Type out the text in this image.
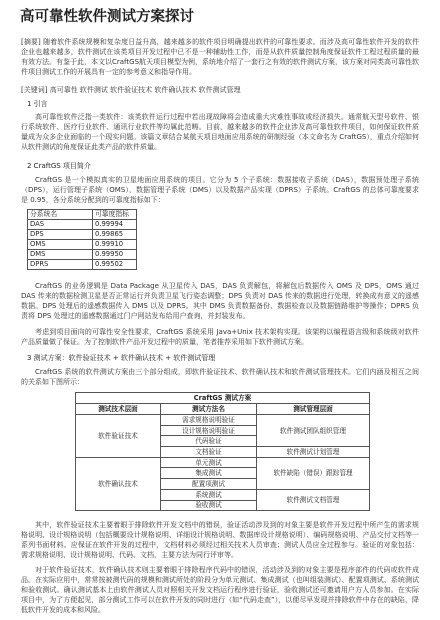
高可靠性软件测试方案探讨

[摘要] 随着软件系统规模和复杂度日益升高，越来越多的软件项目明确提出软件的可靠性要求。而涉及高可靠性软件开发的软件企业也越来越多，软件测试在该类项目开发过程中已不是一种辅助性工作，而是从软件质量控制角度保证软件工程过程质量的最有效方法。有鉴于此，本文以CraftGS航天项目模型为例，系统地介绍了一套行之有效的软件测试方案，该方案对同类高可靠性软件项目测试工作的开展具有一定的参考意义和指导作用。

[关键词] 高可靠性 软件测试 软件验证技术 软件确认技术 软件测试管理

1 引言

高可靠性软件泛指一类软件：该类软件运行过程中若出现故障将会造成重大灾难性事故或经济损失。通常航天型号软件、银行系统软件、医疗行业软件、通讯行业软件等均属此范畴。目前，越来越多的软件企业涉及高可靠性软件项目，如何保证软件质量成为众多企业面临的一个现实问题。该篇文章结合某航天项目地面应用系统的研制经验（本文命名为 CraftGS），重点介绍如何从软件测试的角度保证此类产品的软件质量。

2 CraftGS 项目简介

CraftGS 是一个模拟真实的卫星地面应用系统的项目。它分为 5 个子系统：数据接收子系统（DAS），数据预处理子系统（DPS），运行管理子系统（OMS），数据管理子系统（DMS）以及数据产品实现（DPRS）子系统。CraftGS 的总体可靠度要求是 0.95，各分系统分配到的可靠度指标如下：

分系统名	可靠度指标
DAS	0.99994
DPS	0.99865
OMS	0.99910
DMS	0.99950
DPRS	0.99502

CraftGS 的业务逻辑是 Data Package 从卫星传入 DAS，DAS 负责解包，将解包后数据传入 OMS 及 DPS，OMS 通过 DAS 传来的数据检测卫星是否正常运行并负责卫星飞行姿态调整；DPS 负责对 DAS 传来的数据进行处理，转换成有意义的遥感数据。DPS 处理后的遥感数据传入 DMS 以及 DPRS。其中 DMS 负责数据备份、数据检查以及数据链路维护等操作；DPRS 负责将 DPS 处理过的遥感数据通过门户网站发布给用户查询，并封装发布。

考虑到项目面向的可靠性安全性要求，CraftGS 系统采用 Java+Unix 技术架构实现。该架构以编程语言级和系统级对软件产品质量做了保证。为了控制软件产品开发过程中的质量，笔者推荐采用如下软件测试方案。

3 测试方案：软件验证技术 + 软件确认技术 + 软件测试管理

CraftGS 系统的软件测试方案由三个部分组成，即软件验证技术、软件确认技术和软件测试管理技术。它们内涵及相互之间的关系如下图所示：

CraftGS 测试方案		
测试技术层面	测试方法名	测试管理层面
软件验证技术	需求规格说明验证	软件测试团队组织管理
	设计规格说明验证	
	代码验证	
	文档验证	软件测试计划管理
软件确认技术	单元测试	软件缺陷（错误）跟踪管理
	集成测试	
	配置项测试	
	系统测试	软件测试文档管理
	验收测试	

其中，软件验证技术主要着眼于排除软件开发文档中的错误，验证活动涉及到的对象主要是软件开发过程中所产生的需求规格说明、设计规格说明（包括概要设计规格说明、详细设计规格说明、数据库设计规格说明）、编码规格说明、产品交付文档等一系列书面材料。应保证在软件开发的过程中，文档材料必须经过相关技术人员审查；测试人员应全过程参与。验证的对象包括：需求规格说明、设计规格说明、代码、文档，主要方法为同行评审等。

对于软件验证技术，软件确认技术则主要着眼于排除程序代码中的错误，活动涉及到的对象主要是程序部件的代码或软件成品。在实际应用中，常常按被测代码的规模和测试所处的阶段分为单元测试、集成测试（也叫组装测试）、配置项测试、系统测试和验收测试。确认测试基本上由软件测试人员对照相关开发文档运行程序进行验证，验收测试还可邀请用户方人员参加。在实际项目中，为了方便起见，部分测试工作可以在软件开发的同时进行（如“代码走查”），以便尽早发现并排除软件中存在的缺陷，降低软件开发的成本和风险。
